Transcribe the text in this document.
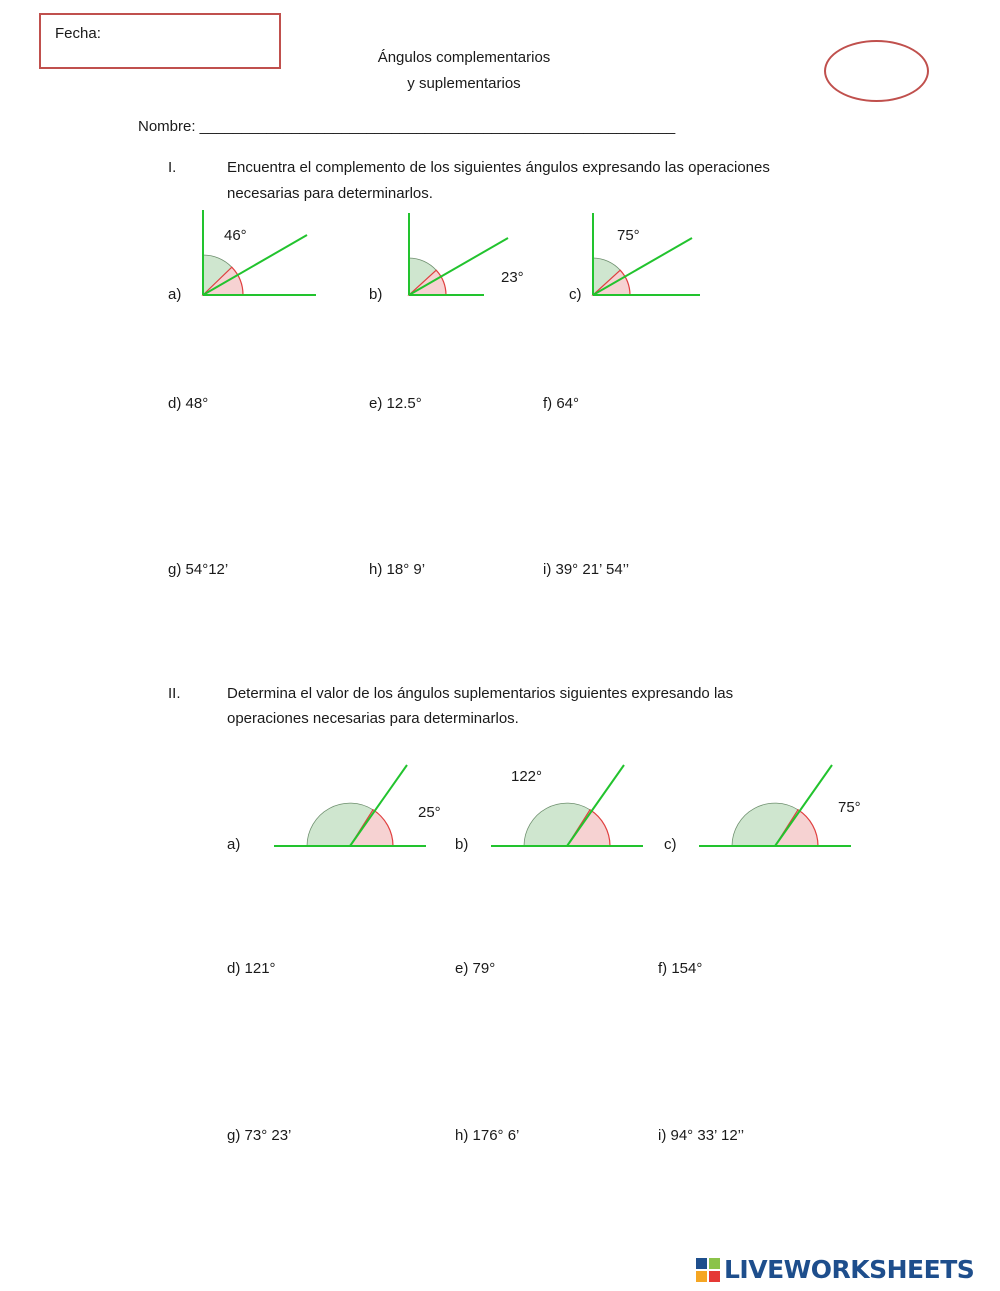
Fecha:
Ángulos complementarios
y suplementarios
Nombre: _________________________________________________________
I.	Encuentra el complemento de los siguientes ángulos expresando las operaciones
necesarias para determinarlos.
a)
46°
b)
23°
c)
75°
d) 48°	e) 12.5°	f) 64°
g) 54°12’	h) 18° 9’	i) 39° 21’ 54’’
II.	Determina el valor de los ángulos suplementarios siguientes expresando las
operaciones necesarias para determinarlos.
a)
25°
b)
122°
c)
75°
d) 121°	e) 79°	f) 154°
g) 73° 23’	h) 176° 6’	i) 94° 33’ 12’’
LIVEWORKSHEETS
